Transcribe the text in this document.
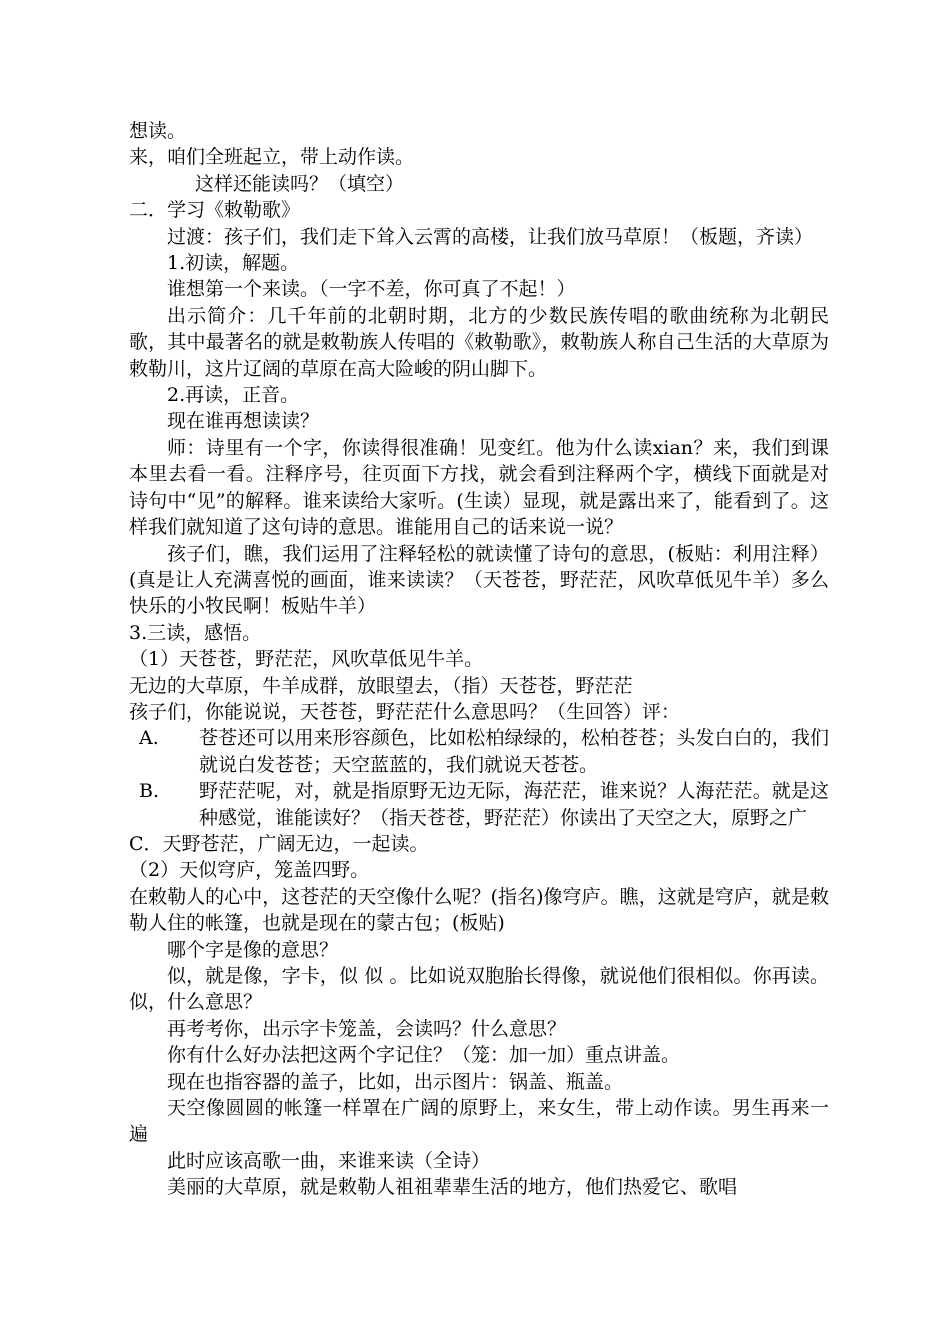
想读。

来，咱们全班起立，带上动作读。

这样还能读吗？（填空）

二．学习《敕勒歌》

过渡：孩子们，我们走下耸入云霄的高楼，让我们放马草原！（板题，齐读）

1.初读，解题。

谁想第一个来读。（一字不差，你可真了不起！）

出示简介：几千年前的北朝时期，北方的少数民族传唱的歌曲统称为北朝民歌，其中最著名的就是敕勒族人传唱的《敕勒歌》，敕勒族人称自己生活的大草原为敕勒川，这片辽阔的草原在高大险峻的阴山脚下。

2.再读，正音。

现在谁再想读读？

师：诗里有一个字，你读得很准确！见变红。他为什么读xian？来，我们到课本里去看一看。注释序号，往页面下方找，就会看到注释两个字，横线下面就是对诗句中“见”的解释。谁来读给大家听。(生读）显现，就是露出来了，能看到了。这样我们就知道了这句诗的意思。谁能用自己的话来说一说？

孩子们，瞧，我们运用了注释轻松的就读懂了诗句的意思，(板贴：利用注释）(真是让人充满喜悦的画面，谁来读读？（天苍苍，野茫茫，风吹草低见牛羊）多么快乐的小牧民啊！板贴牛羊）

3.三读，感悟。

（1）天苍苍，野茫茫，风吹草低见牛羊。

无边的大草原，牛羊成群，放眼望去，（指）天苍苍，野茫茫

孩子们，你能说说，天苍苍，野茫茫什么意思吗？（生回答）评：

A.	苍苍还可以用来形容颜色，比如松柏绿绿的，松柏苍苍；头发白白的，我们就说白发苍苍；天空蓝蓝的，我们就说天苍苍。
B.	野茫茫呢，对，就是指原野无边无际，海茫茫，谁来说？人海茫茫。就是这种感觉，谁能读好？（指天苍苍，野茫茫）你读出了天空之大，原野之广

C．天野苍茫，广阔无边，一起读。

（2）天似穹庐，笼盖四野。

在敕勒人的心中，这苍茫的天空像什么呢？(指名)像穹庐。瞧，这就是穹庐，就是敕勒人住的帐篷，也就是现在的蒙古包；(板贴)

哪个字是像的意思？

似，就是像，字卡，似 似 。比如说双胞胎长得像，就说他们很相似。你再读。似，什么意思？

再考考你，出示字卡笼盖，会读吗？什么意思？

你有什么好办法把这两个字记住？（笼：加一加）重点讲盖。

现在也指容器的盖子，比如，出示图片：锅盖、瓶盖。

天空像圆圆的帐篷一样罩在广阔的原野上，来女生，带上动作读。男生再来一遍

此时应该高歌一曲，来谁来读（全诗）

美丽的大草原，就是敕勒人祖祖辈辈生活的地方，他们热爱它、歌唱
